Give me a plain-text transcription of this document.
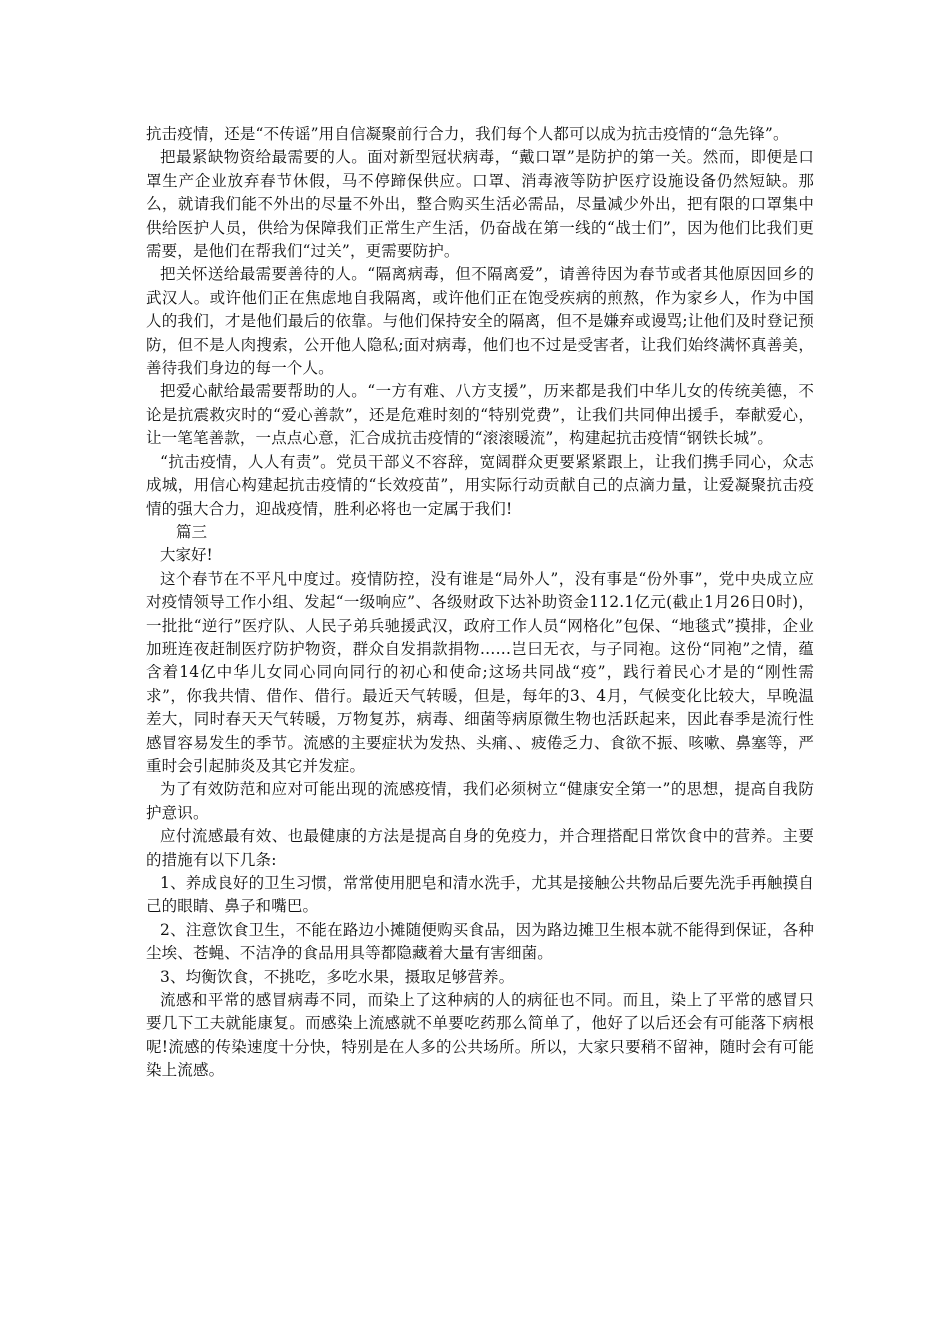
抗击疫情，还是“不传谣”用自信凝聚前行合力，我们每个人都可以成为抗击疫情的“急先锋”。

把最紧缺物资给最需要的人。面对新型冠状病毒，“戴口罩”是防护的第一关。然而，即便是口罩生产企业放弃春节休假，马不停蹄保供应。口罩、消毒液等防护医疗设施设备仍然短缺。那么，就请我们能不外出的尽量不外出，整合购买生活必需品，尽量减少外出，把有限的口罩集中供给医护人员，供给为保障我们正常生产生活，仍奋战在第一线的“战士们”，因为他们比我们更需要，是他们在帮我们“过关”，更需要防护。

把关怀送给最需要善待的人。“隔离病毒，但不隔离爱”，请善待因为春节或者其他原因回乡的武汉人。或许他们正在焦虑地自我隔离，或许他们正在饱受疾病的煎熬，作为家乡人，作为中国人的我们，才是他们最后的依靠。与他们保持安全的隔离，但不是嫌弃或谩骂;让他们及时登记预防，但不是人肉搜索，公开他人隐私;面对病毒，他们也不过是受害者，让我们始终满怀真善美，善待我们身边的每一个人。

把爱心献给最需要帮助的人。“一方有难、八方支援”，历来都是我们中华儿女的传统美德，不论是抗震救灾时的“爱心善款”，还是危难时刻的“特别党费”，让我们共同伸出援手，奉献爱心，让一笔笔善款，一点点心意，汇合成抗击疫情的“滚滚暖流”，构建起抗击疫情“钢铁长城”。

“抗击疫情，人人有责”。党员干部义不容辞，宽阔群众更要紧紧跟上，让我们携手同心，众志成城，用信心构建起抗击疫情的“长效疫苗”，用实际行动贡献自己的点滴力量，让爱凝聚抗击疫情的强大合力，迎战疫情，胜利必将也一定属于我们!

篇三

大家好!

这个春节在不平凡中度过。疫情防控，没有谁是“局外人”，没有事是“份外事”，党中央成立应对疫情领导工作小组、发起“一级响应”、各级财政下达补助资金112.1亿元(截止1月26日0时)，一批批“逆行”医疗队、人民子弟兵驰援武汉，政府工作人员“网格化”包保、“地毯式”摸排，企业加班连夜赶制医疗防护物资，群众自发捐款捐物……岂曰无衣，与子同袍。这份“同袍”之情，蕴含着14亿中华儿女同心同向同行的初心和使命;这场共同战“疫”，践行着民心才是的“刚性需求”，你我共情、借作、借行。最近天气转暖，但是，每年的3、4月，气候变化比较大，早晚温差大，同时春天天气转暖，万物复苏，病毒、细菌等病原微生物也活跃起来，因此春季是流行性感冒容易发生的季节。流感的主要症状为发热、头痛、、疲倦乏力、食欲不振、咳嗽、鼻塞等，严重时会引起肺炎及其它并发症。

为了有效防范和应对可能出现的流感疫情，我们必须树立“健康安全第一”的思想，提高自我防护意识。

应付流感最有效、也最健康的方法是提高自身的免疫力，并合理搭配日常饮食中的营养。主要的措施有以下几条:

1、养成良好的卫生习惯，常常使用肥皂和清水洗手，尤其是接触公共物品后要先洗手再触摸自己的眼睛、鼻子和嘴巴。

2、注意饮食卫生，不能在路边小摊随便购买食品，因为路边摊卫生根本就不能得到保证，各种尘埃、苍蝇、不洁净的食品用具等都隐藏着大量有害细菌。

3、均衡饮食，不挑吃，多吃水果，摄取足够营养。

流感和平常的感冒病毒不同，而染上了这种病的人的病征也不同。而且，染上了平常的感冒只要几下工夫就能康复。而感染上流感就不单要吃药那么简单了，他好了以后还会有可能落下病根呢!流感的传染速度十分快，特别是在人多的公共场所。所以，大家只要稍不留神，随时会有可能染上流感。
